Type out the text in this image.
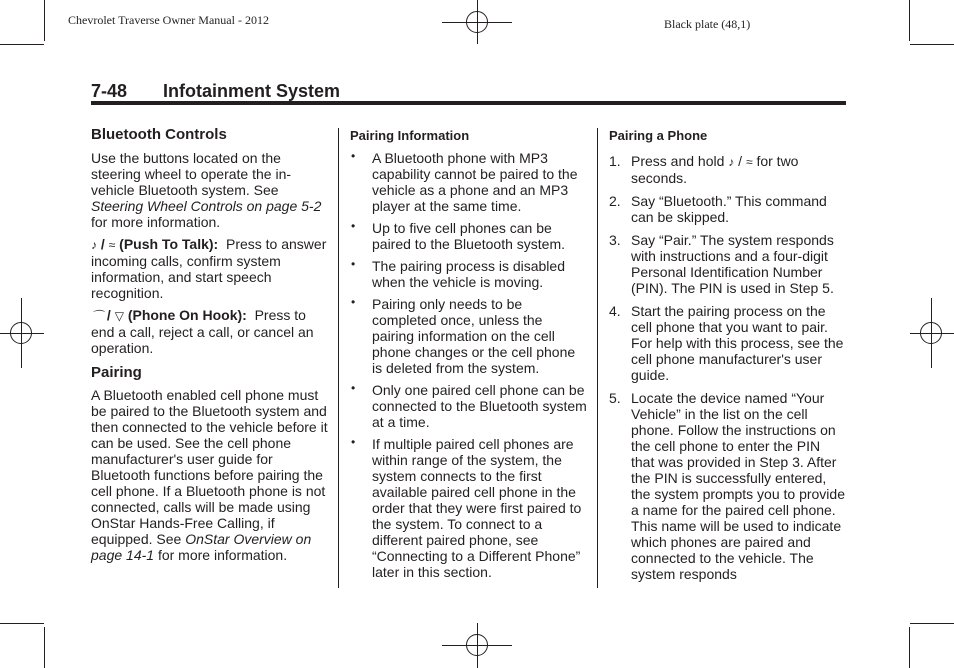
Chevrolet Traverse Owner Manual - 2012	Black plate (48,1)
7-48 Infotainment System

Bluetooth Controls

Use the buttons located on the steering wheel to operate the in-vehicle Bluetooth system. See Steering Wheel Controls on page 5-2 for more information.

♪ / ≈ (Push To Talk): Press to answer incoming calls, confirm system information, and start speech recognition.

⌒ / ▽ (Phone On Hook): Press to end a call, reject a call, or cancel an operation.

Pairing

A Bluetooth enabled cell phone must be paired to the Bluetooth system and then connected to the vehicle before it can be used. See the cell phone manufacturer's user guide for Bluetooth functions before pairing the cell phone. If a Bluetooth phone is not connected, calls will be made using OnStar Hands-Free Calling, if equipped. See OnStar Overview on page 14-1 for more information.

Pairing Information

• A Bluetooth phone with MP3 capability cannot be paired to the vehicle as a phone and an MP3 player at the same time.
• Up to five cell phones can be paired to the Bluetooth system.
• The pairing process is disabled when the vehicle is moving.
• Pairing only needs to be completed once, unless the pairing information on the cell phone changes or the cell phone is deleted from the system.
• Only one paired cell phone can be connected to the Bluetooth system at a time.
• If multiple paired cell phones are within range of the system, the system connects to the first available paired cell phone in the order that they were first paired to the system. To connect to a different paired phone, see “Connecting to a Different Phone” later in this section.

Pairing a Phone

1. Press and hold ♪ / ≈ for two seconds.
2. Say “Bluetooth.” This command can be skipped.
3. Say “Pair.” The system responds with instructions and a four-digit Personal Identification Number (PIN). The PIN is used in Step 5.
4. Start the pairing process on the cell phone that you want to pair. For help with this process, see the cell phone manufacturer's user guide.
5. Locate the device named “Your Vehicle” in the list on the cell phone. Follow the instructions on the cell phone to enter the PIN that was provided in Step 3. After the PIN is successfully entered, the system prompts you to provide a name for the paired cell phone. This name will be used to indicate which phones are paired and connected to the vehicle. The system responds
